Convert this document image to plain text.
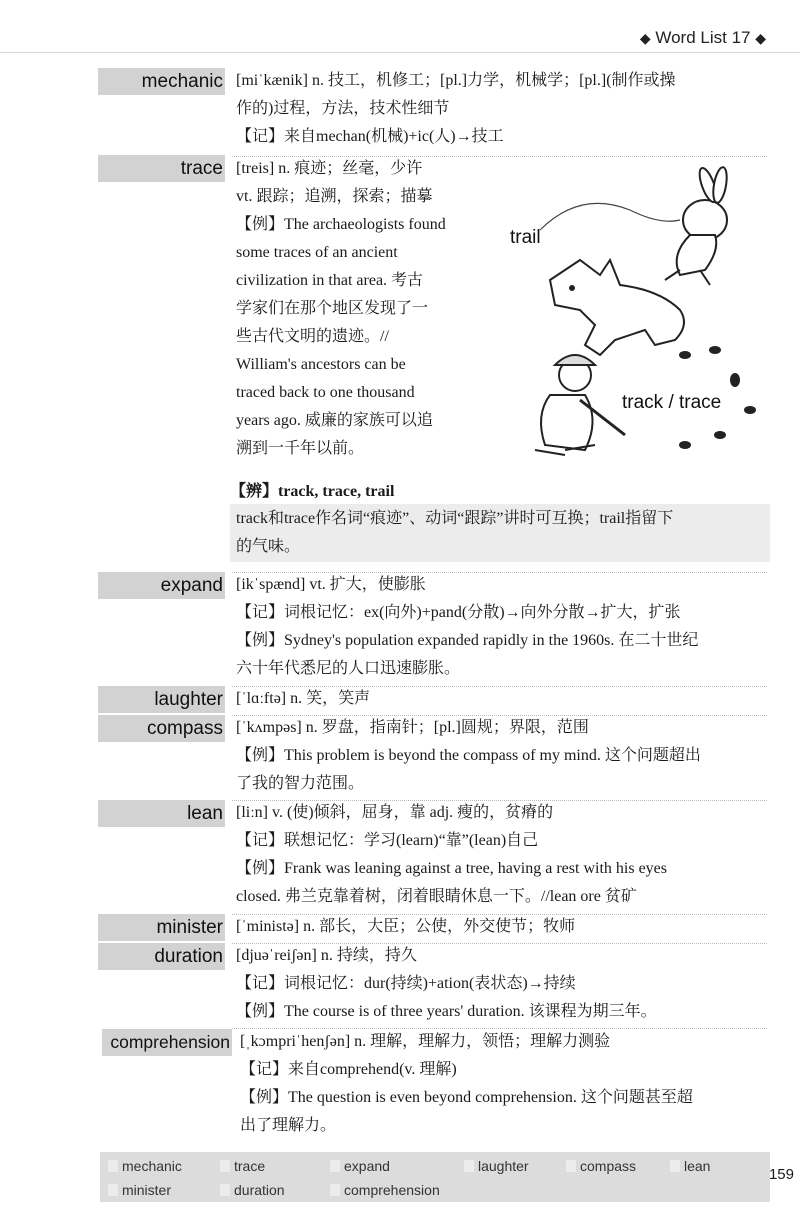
◆ Word List 17 ◆
mechanic [miˈkænik] n. 技工，机修工；[pl.]力学，机械学；[pl.](制作或操
作的)过程，方法，技术性细节
【记】来自mechan(机械)+ic(人)→技工
trace [treis] n. 痕迹；丝毫，少许
vt. 跟踪；追溯，探索；描摹
【例】The archaeologists found
some traces of an ancient
civilization in that area. 考古
学家们在那个地区发现了一
些古代文明的遗迹。//
William's ancestors can be
traced back to one thousand
years ago. 威廉的家族可以追
溯到一千年以前。
trail
track / trace
【辨】track, trace, trail
track和trace作名词“痕迹”、动词“跟踪”讲时可互换；trail指留下
的气味。
expand [ikˈspænd] vt. 扩大，使膨胀
【记】词根记忆：ex(向外)+pand(分散)→向外分散→扩大，扩张
【例】Sydney's population expanded rapidly in the 1960s. 在二十世纪
六十年代悉尼的人口迅速膨胀。
laughter [ˈlɑːftə] n. 笑，笑声
compass [ˈkʌmpəs] n. 罗盘，指南针；[pl.]圆规；界限，范围
【例】This problem is beyond the compass of my mind. 这个问题超出
了我的智力范围。
lean [liːn] v. (使)倾斜，屈身，靠 adj. 瘦的，贫瘠的
【记】联想记忆：学习(learn)“靠”(lean)自己
【例】Frank was leaning against a tree, having a rest with his eyes
closed. 弗兰克靠着树，闭着眼睛休息一下。//lean ore 贫矿
minister [ˈministə] n. 部长，大臣；公使，外交使节；牧师
duration [djuəˈreiʃən] n. 持续，持久
【记】词根记忆：dur(持续)+ation(表状态)→持续
【例】The course is of three years' duration. 该课程为期三年。
comprehension [ˌkɔmpriˈhenʃən] n. 理解，理解力，领悟；理解力测验
【记】来自comprehend(v. 理解)
【例】The question is even beyond comprehension. 这个问题甚至超
出了理解力。
mechanic	trace	expand	laughter	compass	lean
minister	duration	comprehension
159
